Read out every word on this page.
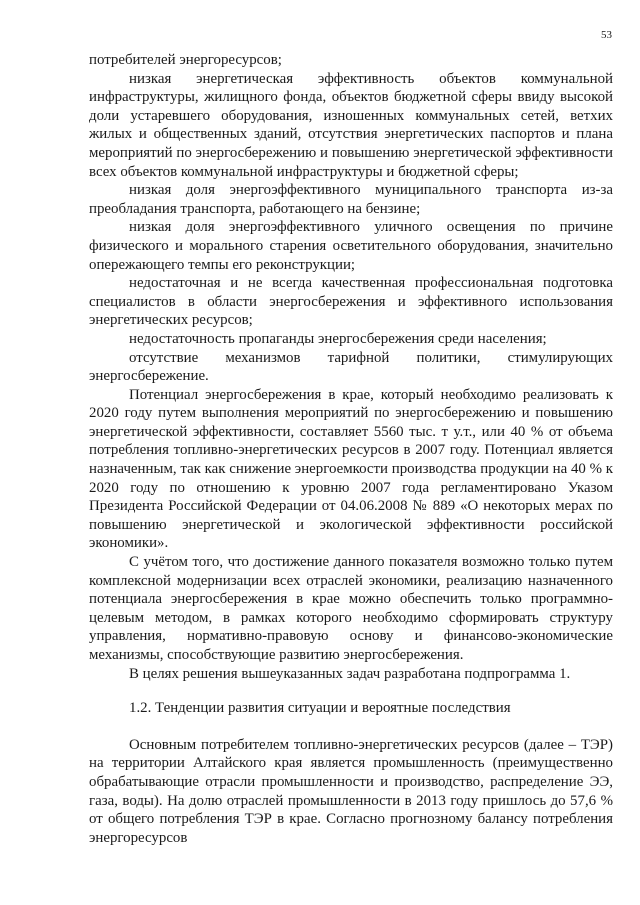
53

потребителей энергоресурсов;

низкая энергетическая эффективность объектов коммунальной инфраструктуры, жилищного фонда, объектов бюджетной сферы ввиду высокой доли устаревшего оборудования, изношенных коммунальных сетей, ветхих жилых и общественных зданий, отсутствия энергетических паспортов и плана мероприятий по энергосбережению и повышению энергетической эффективности всех объектов коммунальной инфраструктуры и бюджетной сферы;

низкая доля энергоэффективного муниципального транспорта из-за преобладания транспорта, работающего на бензине;

низкая доля энергоэффективного уличного освещения по причине физического и морального старения осветительного оборудования, значительно опережающего темпы его реконструкции;

недостаточная и не всегда качественная профессиональная подготовка специалистов в области энергосбережения и эффективного использования энергетических ресурсов;

недостаточность пропаганды энергосбережения среди населения;

отсутствие механизмов тарифной политики, стимулирующих энергосбережение.

Потенциал энергосбережения в крае, который необходимо реализовать к 2020 году путем выполнения мероприятий по энергосбережению и повышению энергетической эффективности, составляет 5560 тыс. т у.т., или 40 % от объема потребления топливно-энергетических ресурсов в 2007 году. Потенциал является назначенным, так как снижение энергоемкости производства продукции на 40 % к 2020 году по отношению к уровню 2007 года регламентировано Указом Президента Российской Федерации от 04.06.2008 № 889 «О некоторых мерах по повышению энергетической и экологической эффективности российской экономики».

С учётом того, что достижение данного показателя возможно только путем комплексной модернизации всех отраслей экономики, реализацию назначенного потенциала энергосбережения в крае можно обеспечить только программно-целевым методом, в рамках которого необходимо сформировать структуру управления, нормативно-правовую основу и финансово-экономические механизмы, способствующие развитию энергосбережения.

В целях решения вышеуказанных задач разработана подпрограмма 1.

1.2. Тенденции развития ситуации и вероятные последствия

Основным потребителем топливно-энергетических ресурсов (далее – ТЭР) на территории Алтайского края является промышленность (преимущественно обрабатывающие отрасли промышленности и производство, распределение ЭЭ, газа, воды). На долю отраслей промышленности в 2013 году пришлось до 57,6 % от общего потребления ТЭР в крае. Согласно прогнозному балансу потребления энергоресурсов
